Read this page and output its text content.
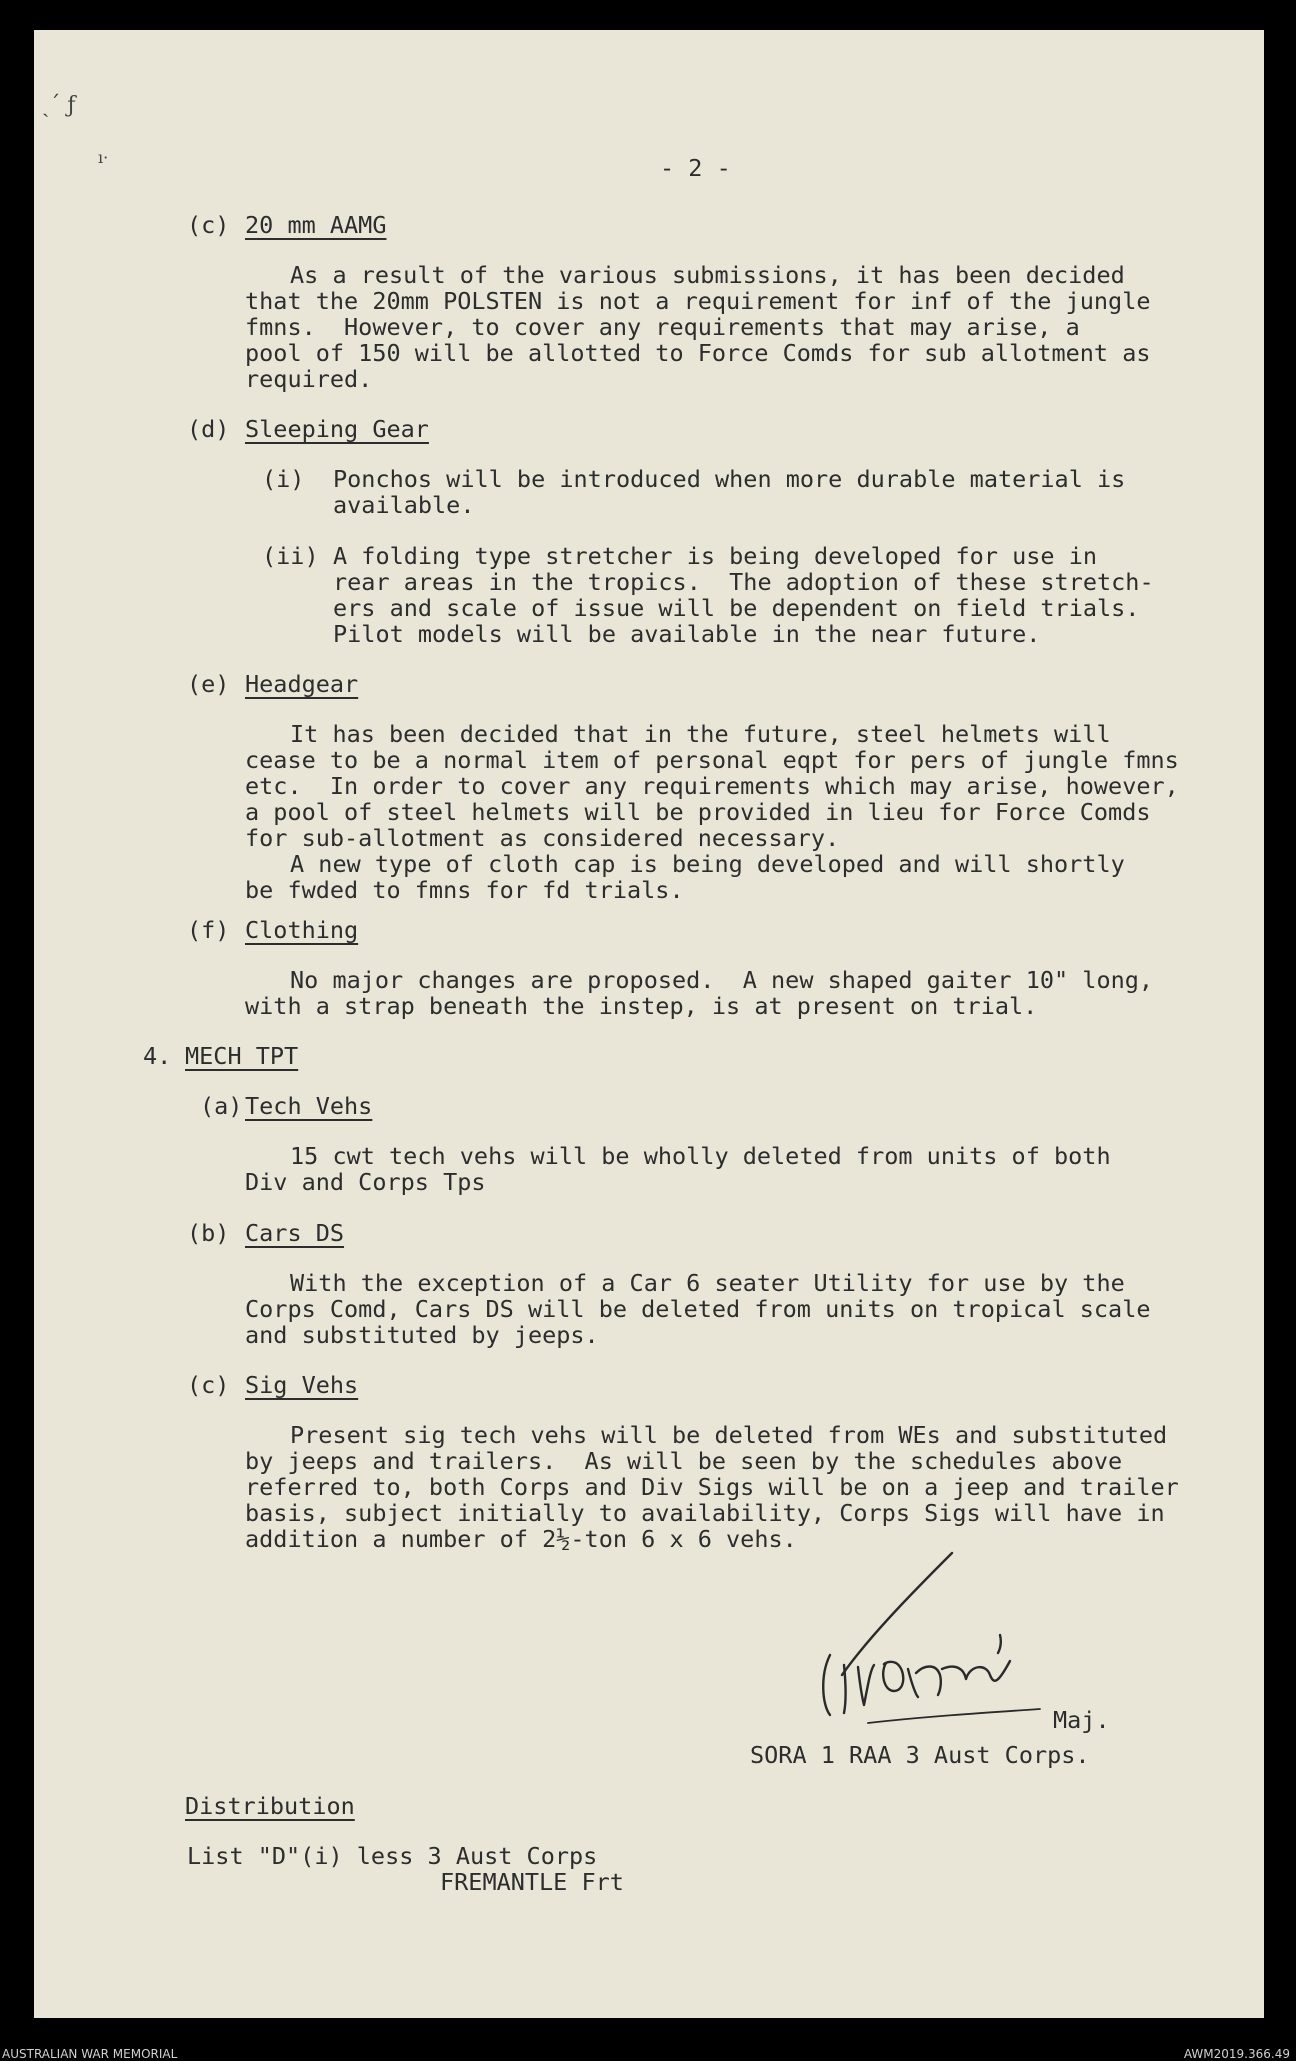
ˎ´ ƒ
ı·	- 2 -
(c) 20 mm AAMG
As a result of the various submissions, it has been decided
that the 20mm POLSTEN is not a requirement for inf of the jungle
fmns.  However, to cover any requirements that may arise, a
pool of 150 will be allotted to Force Comds for sub allotment as
required.
(d) Sleeping Gear
(i) Ponchos will be introduced when more durable material is
available.
(ii) A folding type stretcher is being developed for use in
rear areas in the tropics.  The adoption of these stretch-
ers and scale of issue will be dependent on field trials.
Pilot models will be available in the near future.
(e) Headgear
It has been decided that in the future, steel helmets will
cease to be a normal item of personal eqpt for pers of jungle fmns
etc.  In order to cover any requirements which may arise, however,
a pool of steel helmets will be provided in lieu for Force Comds
for sub-allotment as considered necessary.
A new type of cloth cap is being developed and will shortly
be fwded to fmns for fd trials.
(f) Clothing
No major changes are proposed.  A new shaped gaiter 10" long,
with a strap beneath the instep, is at present on trial.
4. MECH TPT
(a) Tech Vehs
15 cwt tech vehs will be wholly deleted from units of both
Div and Corps Tps
(b) Cars DS
With the exception of a Car 6 seater Utility for use by the
Corps Comd, Cars DS will be deleted from units on tropical scale
and substituted by jeeps.
(c) Sig Vehs
Present sig tech vehs will be deleted from WEs and substituted
by jeeps and trailers.  As will be seen by the schedules above
referred to, both Corps and Div Sigs will be on a jeep and trailer
basis, subject initially to availability, Corps Sigs will have in
addition a number of 2½-ton 6 x 6 vehs.
Maj.
SORA 1 RAA 3 Aust Corps.
Distribution
List "D"(i) less 3 Aust Corps
FREMANTLE Frt
AUSTRALIAN WAR MEMORIAL	AWM2019.366.49
